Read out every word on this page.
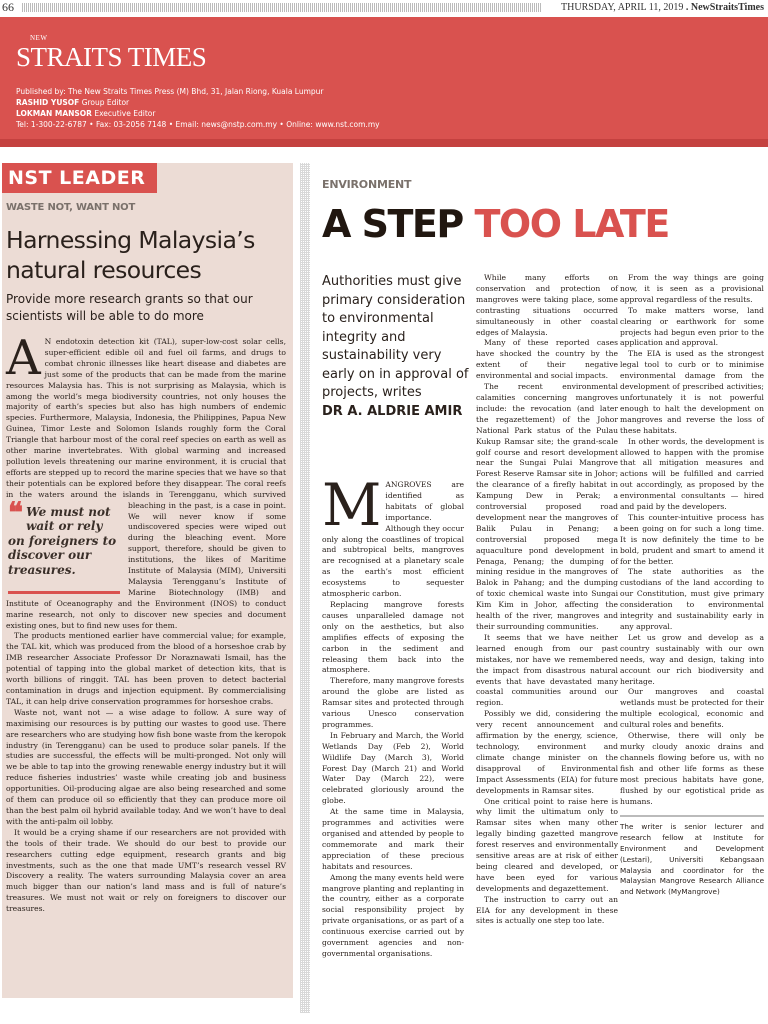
66	THURSDAY, APRIL 11, 2019 . NewStraitsTimes
NEW
STRAITS TIMES
Published by: The New Straits Times Press (M) Bhd, 31, Jalan Riong, Kuala Lumpur
RASHID YUSOF Group Editor
LOKMAN MANSOR Executive Editor
Tel: 1-300-22-6787 • Fax: 03-2056 7148 • Email: news@nstp.com.my • Online: www.nst.com.my
NST LEADER
WASTE NOT, WANT NOT
Harnessing Malaysia’s
natural resources
Provide more research grants so that our scientists will be able to do more

A N endotoxin detection kit (TAL), super-low-cost solar cells, super-efficient edible oil and fuel oil farms, and drugs to combat chronic illnesses like heart disease and diabetes are just some of the products that can be made from the marine resources Malaysia has. This is not surprising as Malaysia, which is among the world’s mega biodiversity countries, not only houses the majority of earth’s species but also has high numbers of endemic species. Furthermore, Malaysia, Indonesia, the Philippines, Papua New Guinea, Timor Leste and Solomon Islands roughly form the Coral Triangle that harbour most of the coral reef species on earth as well as other marine invertebrates. With global warming and increased pollution levels threatening our marine environment, it is crucial that efforts are stepped up to record the marine species that we have so that their potentials can be explored before they disappear. The coral reefs in the waters around the islands in Terengganu, which survived bleaching in the past,
❝ We must not wait or rely on foreigners to discover our treasures.
is a case in point. We will never know if some undiscovered species were wiped out during the bleaching event. More support, therefore, should be given to institutions, the likes of Maritime Institute of Malaysia (MIM), Universiti Malaysia Terengganu’s Institute of Marine Biotechnology (IMB) and Institute of Oceanography and the Environment (INOS) to conduct marine research, not only to discover new species and document existing ones, but to find new uses for them.

The products mentioned earlier have commercial value; for example, the TAL kit, which was produced from the blood of a horseshoe crab by IMB researcher Associate Professor Dr Noraznawati Ismail, has the potential of tapping into the global market of detection kits, that is worth billions of ringgit. TAL has been proven to detect bacterial contamination in drugs and injection equipment. By commercialising TAL, it can help drive conservation programmes for horseshoe crabs.

Waste not, want not — a wise adage to follow. A sure way of maximising our resources is by putting our wastes to good use. There are researchers who are studying how fish bone waste from the keropok industry (in Terengganu) can be used to produce solar panels. If the studies are successful, the effects will be multi-pronged. Not only will we be able to tap into the growing renewable energy industry but it will reduce fisheries industries’ waste while creating job and business opportunities. Oil-producing algae are also being researched and some of them can produce oil so efficiently that they can produce more oil than the best palm oil hybrid available today. And we won’t have to deal with the anti-palm oil lobby.

It would be a crying shame if our researchers are not provided with the tools of their trade. We should do our best to provide our researchers cutting edge equipment, research grants and big investments, such as the one that made UMT’s research vessel RV Discovery a reality. The waters surrounding Malaysia cover an area much bigger than our nation’s land mass and is full of nature’s treasures. We must not wait or rely on foreigners to discover our treasures.

ENVIRONMENT
A STEP TOO LATE
Authorities must give primary consideration to environmental integrity and sustainability very early on in approval of projects, writes
DR A. ALDRIE AMIR

MANGROVES are identified as habitats of global importance. Although they occur only along the coastlines of tropical and subtropical belts, mangroves are recognised at a planetary scale as the earth’s most efficient ecosystems to sequester atmospheric carbon.

Replacing mangrove forests causes unparalleled damage not only on the aesthetics, but also amplifies effects of exposing the carbon in the sediment and releasing them back into the atmosphere.

Therefore, many mangrove forests around the globe are listed as Ramsar sites and protected through various Unesco conservation programmes.

In February and March, the World Wetlands Day (Feb 2), World Wildlife Day (March 3), World Forest Day (March 21) and World Water Day (March 22), were celebrated gloriously around the globe.

At the same time in Malaysia, programmes and activities were organised and attended by people to commemorate and mark their appreciation of these precious habitats and resources.

Among the many events held were mangrove planting and replanting in the country, either as a corporate social responsibility project by private organisations, or as part of a continuous exercise carried out by government agencies and non-governmental organisations.

While many efforts on conservation and protection of mangroves were taking place, some contrasting situations occurred simultaneously in other coastal edges of Malaysia.

Many of these reported cases have shocked the country by the extent of their negative environmental and social impacts.

The recent environmental calamities concerning mangroves include: the revocation (and later the regazettement) of the Johor National Park status of the Pulau Kukup Ramsar site; the grand-scale golf course and resort development near the Sungai Pulai Mangrove Forest Reserve Ramsar site in Johor; the clearance of a firefly habitat in Kampung Dew in Perak; a controversial proposed road development near the mangroves of Balik Pulau in Penang; a controversial proposed mega aquaculture pond development in Penaga, Penang; the dumping of mining residue in the mangroves of Balok in Pahang; and the dumping of toxic chemical waste into Sungai Kim Kim in Johor, affecting the health of the river, mangroves and their surrounding communities.

It seems that we have neither learned enough from our past mistakes, nor have we remembered the impact from disastrous natural events that have devastated many coastal communities around our region.

Possibly we did, considering the very recent announcement and affirmation by the energy, science, technology, environment and climate change minister on the disapproval of Environmental Impact Assessments (EIA) for future developments in Ramsar sites.

One critical point to raise here is why limit the ultimatum only to Ramsar sites when many other legally binding gazetted mangrove forest reserves and environmentally sensitive areas are at risk of either being cleared and developed, or have been eyed for various developments and degazettement.

The instruction to carry out an EIA for any development in these sites is actually one step too late.

From the way things are going now, it is seen as a provisional approval regardless of the results.

To make matters worse, land clearing or earthwork for some projects had begun even prior to the application and approval.

The EIA is used as the strongest legal tool to curb or to minimise environmental damage from the development of prescribed activities; unfortunately it is not powerful enough to halt the development on mangroves and reverse the loss of these habitats.

In other words, the development is allowed to happen with the promise that all mitigation measures and actions will be fulfilled and carried out accordingly, as proposed by the environmental consultants — hired and paid by the developers.

This counter-intuitive process has been going on for such a long time. It is now definitely the time to be bold, prudent and smart to amend it for the better.

The state authorities as the custodians of the land according to our Constitution, must give primary consideration to environmental integrity and sustainability early in any approval.

Let us grow and develop as a country sustainably with our own needs, way and design, taking into account our rich biodiversity and heritage.

Our mangroves and coastal wetlands must be protected for their multiple ecological, economic and cultural roles and benefits.

Otherwise, there will only be murky cloudy anoxic drains and channels flowing before us, with no fish and other life forms as these most precious habitats have gone, flushed by our egotistical pride as humans.

The writer is senior lecturer and research fellow at Institute for Environment and Development (Lestari), Universiti Kebangsaan Malaysia and coordinator for the Malaysian Mangrove Research Alliance and Network (MyMangrove)
